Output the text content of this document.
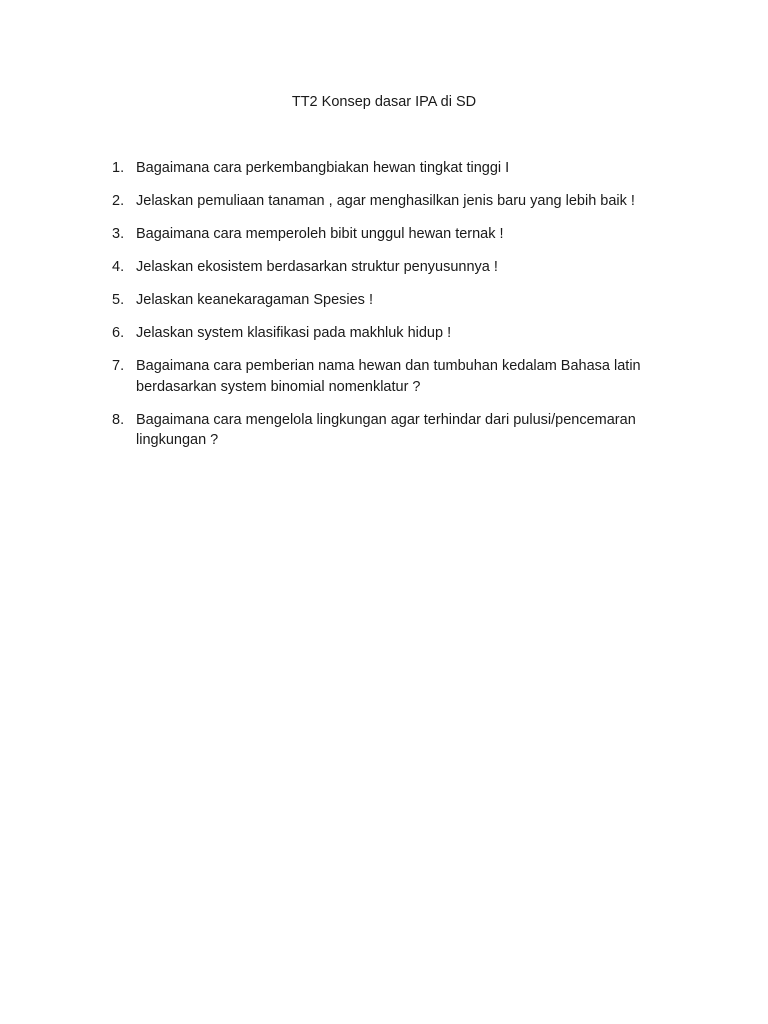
TT2 Konsep dasar IPA di SD
1. Bagaimana cara perkembangbiakan hewan tingkat tinggi I
2. Jelaskan pemuliaan tanaman , agar menghasilkan jenis baru yang lebih baik !
3. Bagaimana cara memperoleh bibit unggul hewan ternak !
4. Jelaskan ekosistem berdasarkan struktur penyusunnya !
5. Jelaskan keanekaragaman Spesies !
6. Jelaskan system klasifikasi pada makhluk hidup !
7. Bagaimana cara pemberian nama hewan dan tumbuhan kedalam Bahasa latin berdasarkan system binomial nomenklatur ?
8. Bagaimana cara mengelola lingkungan agar terhindar dari pulusi/pencemaran lingkungan ?
